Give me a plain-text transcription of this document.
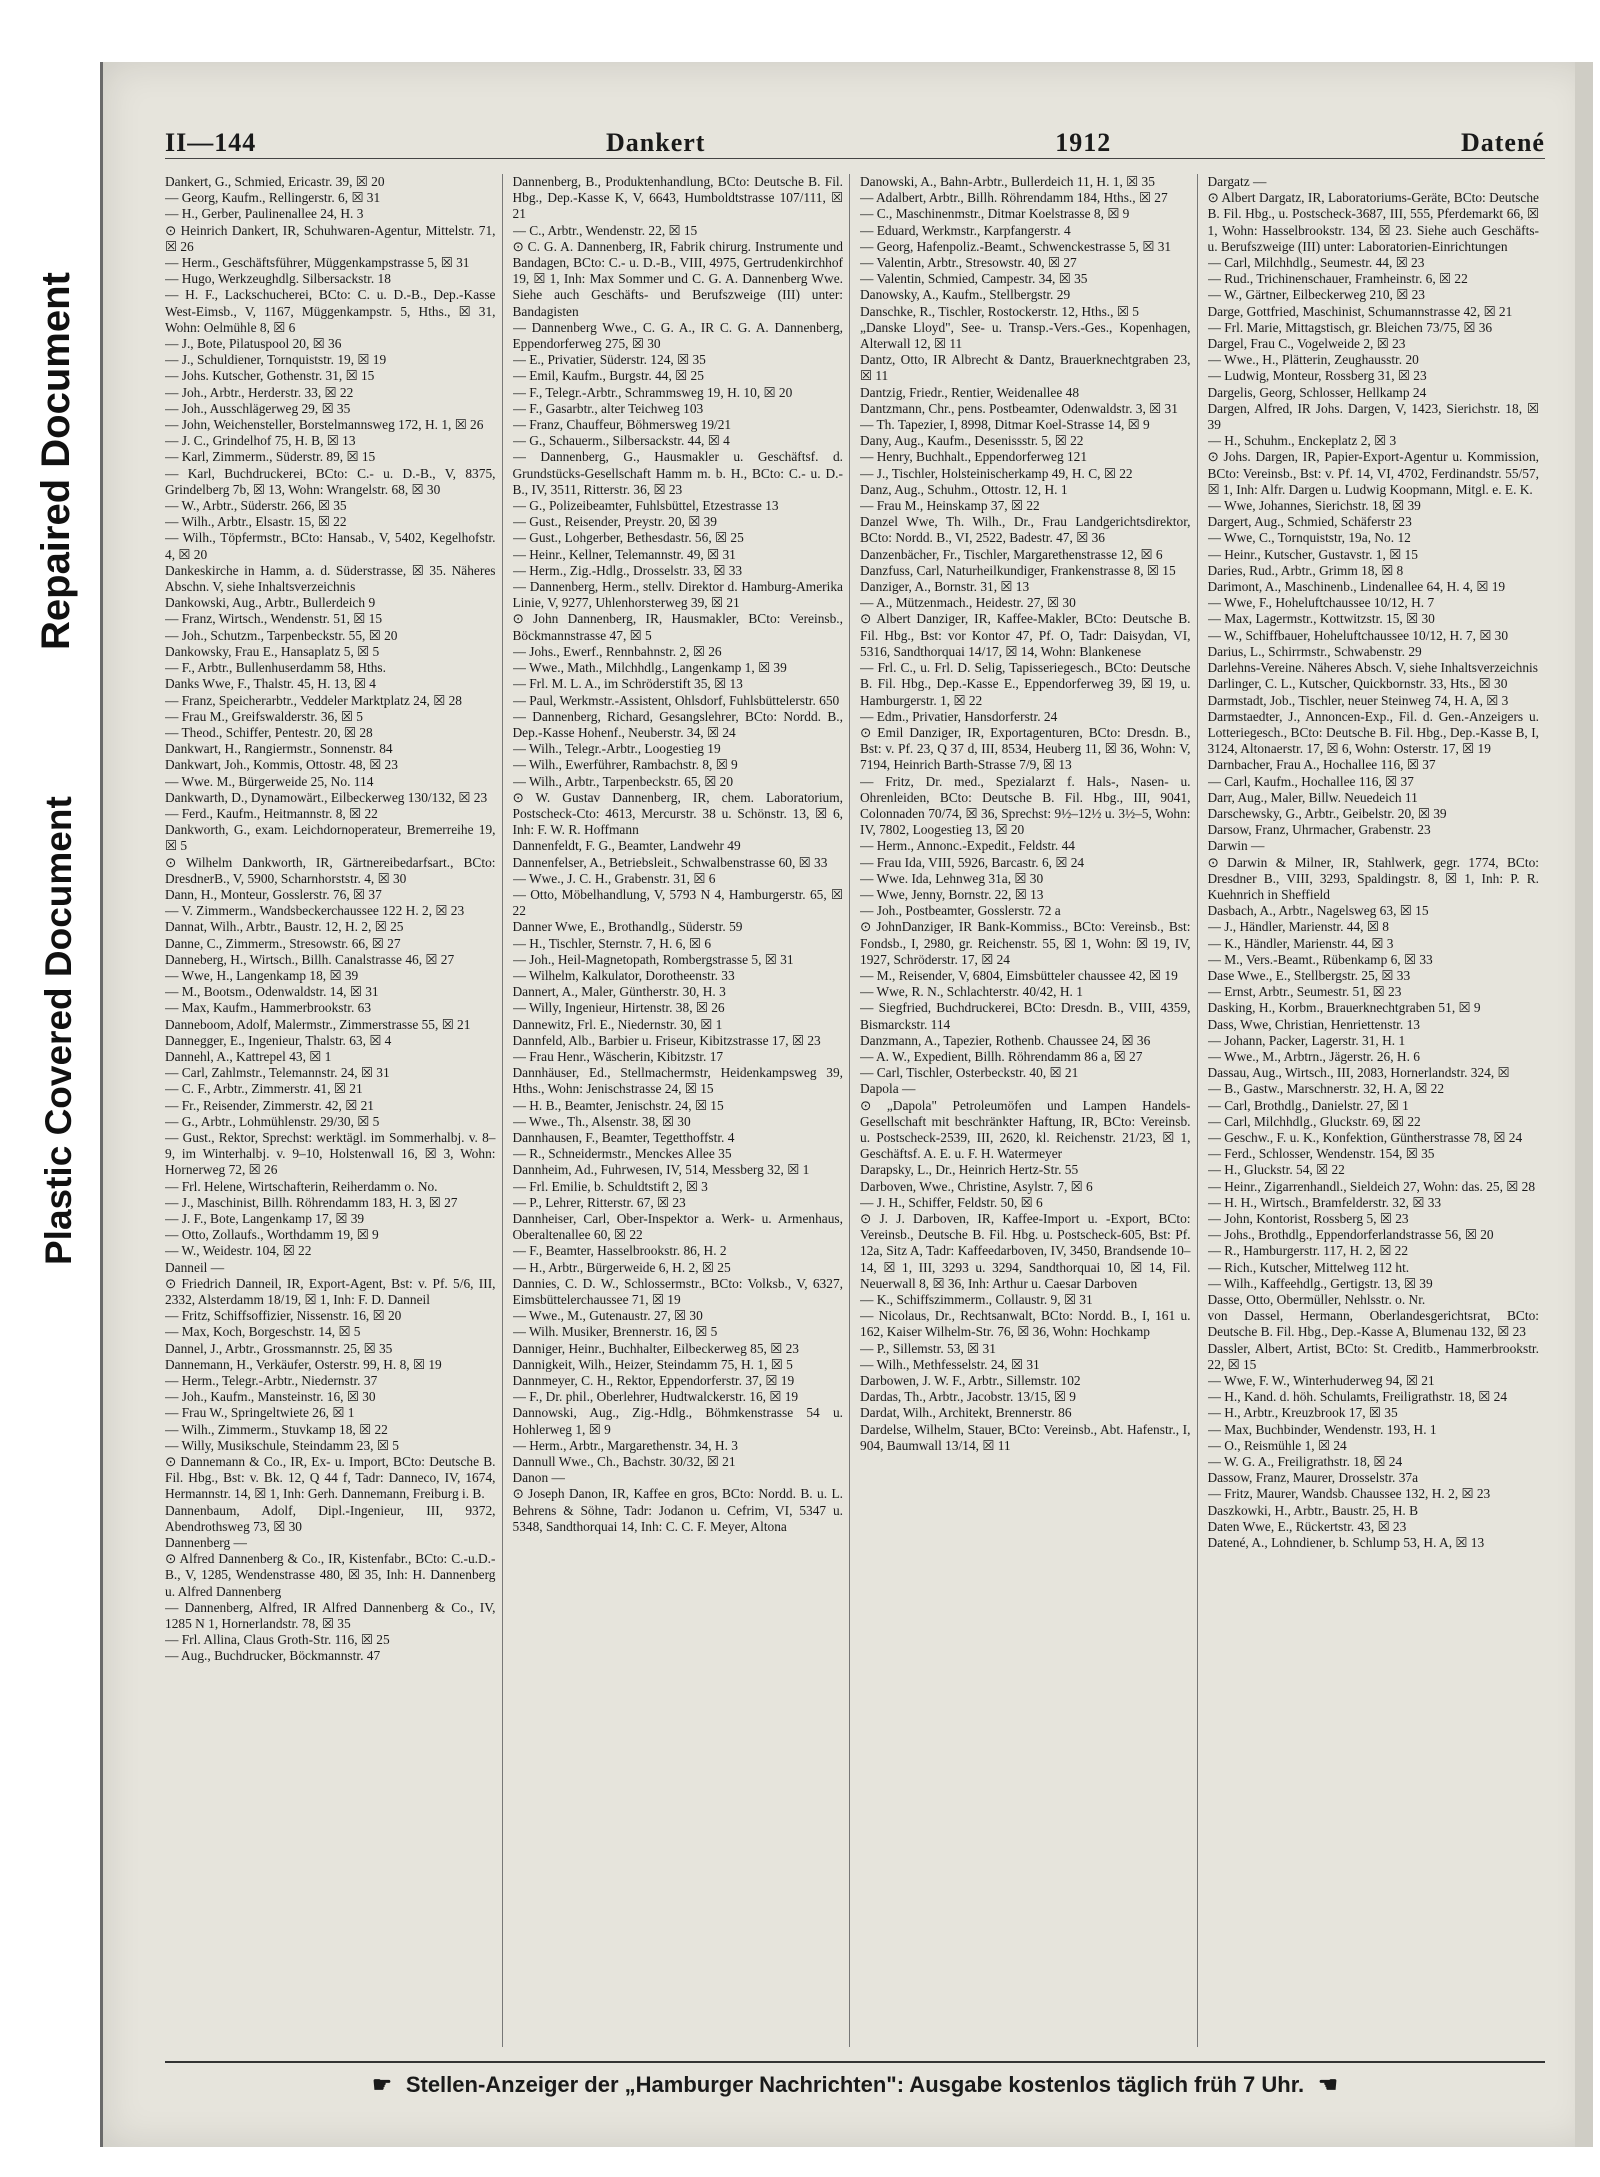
Repaired Document
Plastic Covered Document
II—144	Dankert	1912	Datené

Dankert, G., Schmied, Ericastr. 39, ☒ 20

— Georg, Kaufm., Rellingerstr. 6, ☒ 31

— H., Gerber, Paulinenallee 24, H. 3

⊙ Heinrich Dankert, IR, Schuhwaren-Agentur, Mittelstr. 71, ☒ 26

— Herm., Geschäftsführer, Müggenkampstrasse 5, ☒ 31

— Hugo, Werkzeughdlg. Silbersackstr. 18

— H. F., Lackschucherei, BCto: C. u. D.-B., Dep.-Kasse West-Eimsb., V, 1167, Müggenkampstr. 5, Hths., ☒ 31, Wohn: Oelmühle 8, ☒ 6

— J., Bote, Pilatuspool 20, ☒ 36

— J., Schuldiener, Tornquiststr. 19, ☒ 19

— Johs. Kutscher, Gothenstr. 31, ☒ 15

— Joh., Arbtr., Herderstr. 33, ☒ 22

— Joh., Ausschlägerweg 29, ☒ 35

— John, Weichensteller, Borstelmannsweg 172, H. 1, ☒ 26

— J. C., Grindelhof 75, H. B, ☒ 13

— Karl, Zimmerm., Süderstr. 89, ☒ 15

— Karl, Buchdruckerei, BCto: C.- u. D.-B., V, 8375, Grindelberg 7b, ☒ 13, Wohn: Wrangelstr. 68, ☒ 30

— W., Arbtr., Süderstr. 266, ☒ 35

— Wilh., Arbtr., Elsastr. 15, ☒ 22

— Wilh., Töpfermstr., BCto: Hansab., V, 5402, Kegelhofstr. 4, ☒ 20

Dankeskirche in Hamm, a. d. Süderstrasse, ☒ 35. Näheres Abschn. V, siehe Inhaltsverzeichnis

Dankowski, Aug., Arbtr., Bullerdeich 9

— Franz, Wirtsch., Wendenstr. 51, ☒ 15

— Joh., Schutzm., Tarpenbeckstr. 55, ☒ 20

Dankowsky, Frau E., Hansaplatz 5, ☒ 5

— F., Arbtr., Bullenhuserdamm 58, Hths.

Danks Wwe, F., Thalstr. 45, H. 13, ☒ 4

— Franz, Speicherarbtr., Veddeler Marktplatz 24, ☒ 28

— Frau M., Greifswalderstr. 36, ☒ 5

— Theod., Schiffer, Pentestr. 20, ☒ 28

Dankwart, H., Rangiermstr., Sonnenstr. 84

Dankwart, Joh., Kommis, Ottostr. 48, ☒ 23

— Wwe. M., Bürgerweide 25, No. 114

Dankwarth, D., Dynamowärt., Eilbeckerweg 130/132, ☒ 23

— Ferd., Kaufm., Heitmannstr. 8, ☒ 22

Dankworth, G., exam. Leichdornoperateur, Bremerreihe 19, ☒ 5

⊙ Wilhelm Dankworth, IR, Gärtnereibedarfsart., BCto: DresdnerB., V, 5900, Scharnhorststr. 4, ☒ 30

Dann, H., Monteur, Gosslerstr. 76, ☒ 37

— V. Zimmerm., Wandsbeckerchaussee 122 H. 2, ☒ 23

Dannat, Wilh., Arbtr., Baustr. 12, H. 2, ☒ 25

Danne, C., Zimmerm., Stresowstr. 66, ☒ 27

Danneberg, H., Wirtsch., Billh. Canalstrasse 46, ☒ 27

— Wwe, H., Langenkamp 18, ☒ 39

— M., Bootsm., Odenwaldstr. 14, ☒ 31

— Max, Kaufm., Hammerbrookstr. 63

Danneboom, Adolf, Malermstr., Zimmerstrasse 55, ☒ 21

Dannegger, E., Ingenieur, Thalstr. 63, ☒ 4

Dannehl, A., Kattrepel 43, ☒ 1

— Carl, Zahlmstr., Telemannstr. 24, ☒ 31

— C. F., Arbtr., Zimmerstr. 41, ☒ 21

— Fr., Reisender, Zimmerstr. 42, ☒ 21

— G., Arbtr., Lohmühlenstr. 29/30, ☒ 5

— Gust., Rektor, Sprechst: werktägl. im Sommerhalbj. v. 8–9, im Winterhalbj. v. 9–10, Holstenwall 16, ☒ 3, Wohn: Hornerweg 72, ☒ 26

— Frl. Helene, Wirtschafterin, Reiherdamm o. No.

— J., Maschinist, Billh. Röhrendamm 183, H. 3, ☒ 27

— J. F., Bote, Langenkamp 17, ☒ 39

— Otto, Zollaufs., Worthdamm 19, ☒ 9

— W., Weidestr. 104, ☒ 22

Danneil —

⊙ Friedrich Danneil, IR, Export-Agent, Bst: v. Pf. 5/6, III, 2332, Alsterdamm 18/19, ☒ 1, Inh: F. D. Danneil

— Fritz, Schiffsoffizier, Nissenstr. 16, ☒ 20

— Max, Koch, Borgeschstr. 14, ☒ 5

Dannel, J., Arbtr., Grossmannstr. 25, ☒ 35

Dannemann, H., Verkäufer, Osterstr. 99, H. 8, ☒ 19

— Herm., Telegr.-Arbtr., Niedernstr. 37

— Joh., Kaufm., Mansteinstr. 16, ☒ 30

— Frau W., Springeltwiete 26, ☒ 1

— Wilh., Zimmerm., Stuvkamp 18, ☒ 22

— Willy, Musikschule, Steindamm 23, ☒ 5

⊙ Dannemann & Co., IR, Ex- u. Import, BCto: Deutsche B. Fil. Hbg., Bst: v. Bk. 12, Q 44 f, Tadr: Danneco, IV, 1674, Hermannstr. 14, ☒ 1, Inh: Gerh. Dannemann, Freiburg i. B.

Dannenbaum, Adolf, Dipl.-Ingenieur, III, 9372, Abendrothsweg 73, ☒ 30

Dannenberg —

⊙ Alfred Dannenberg & Co., IR, Kistenfabr., BCto: C.-u.D.-B., V, 1285, Wendenstrasse 480, ☒ 35, Inh: H. Dannenberg u. Alfred Dannenberg

— Dannenberg, Alfred, IR Alfred Dannenberg & Co., IV, 1285 N 1, Hornerlandstr. 78, ☒ 35

— Frl. Allina, Claus Groth-Str. 116, ☒ 25

— Aug., Buchdrucker, Böckmannstr. 47

Dannenberg, B., Produktenhandlung, BCto: Deutsche B. Fil. Hbg., Dep.-Kasse K, V, 6643, Humboldtstrasse 107/111, ☒ 21

— C., Arbtr., Wendenstr. 22, ☒ 15

⊙ C. G. A. Dannenberg, IR, Fabrik chirurg. Instrumente und Bandagen, BCto: C.- u. D.-B., VIII, 4975, Gertrudenkirchhof 19, ☒ 1, Inh: Max Sommer und C. G. A. Dannenberg Wwe. Siehe auch Geschäfts- und Berufszweige (III) unter: Bandagisten

— Dannenberg Wwe., C. G. A., IR C. G. A. Dannenberg, Eppendorferweg 275, ☒ 30

— E., Privatier, Süderstr. 124, ☒ 35

— Emil, Kaufm., Burgstr. 44, ☒ 25

— F., Telegr.-Arbtr., Schrammsweg 19, H. 10, ☒ 20

— F., Gasarbtr., alter Teichweg 103

— Franz, Chauffeur, Böhmersweg 19/21

— G., Schauerm., Silbersackstr. 44, ☒ 4

— Dannenberg, G., Hausmakler u. Geschäftsf. d. Grundstücks-Gesellschaft Hamm m. b. H., BCto: C.- u. D.-B., IV, 3511, Ritterstr. 36, ☒ 23

— G., Polizeibeamter, Fuhlsbüttel, Etzestrasse 13

— Gust., Reisender, Preystr. 20, ☒ 39

— Gust., Lohgerber, Bethesdastr. 56, ☒ 25

— Heinr., Kellner, Telemannstr. 49, ☒ 31

— Herm., Zig.-Hdlg., Drosselstr. 33, ☒ 33

— Dannenberg, Herm., stellv. Direktor d. Hamburg-Amerika Linie, V, 9277, Uhlenhorsterweg 39, ☒ 21

⊙ John Dannenberg, IR, Hausmakler, BCto: Vereinsb., Böckmannstrasse 47, ☒ 5

— Johs., Ewerf., Rennbahnstr. 2, ☒ 26

— Wwe., Math., Milchhdlg., Langenkamp 1, ☒ 39

— Frl. M. L. A., im Schröderstift 35, ☒ 13

— Paul, Werkmstr.-Assistent, Ohlsdorf, Fuhlsbüttelerstr. 650

— Dannenberg, Richard, Gesangslehrer, BCto: Nordd. B., Dep.-Kasse Hohenf., Neuberstr. 34, ☒ 24

— Wilh., Telegr.-Arbtr., Loogestieg 19

— Wilh., Ewerführer, Rambachstr. 8, ☒ 9

— Wilh., Arbtr., Tarpenbeckstr. 65, ☒ 20

⊙ W. Gustav Dannenberg, IR, chem. Laboratorium, Postscheck-Cto: 4613, Mercurstr. 38 u. Schönstr. 13, ☒ 6, Inh: F. W. R. Hoffmann

Dannenfeldt, F. G., Beamter, Landwehr 49

Dannenfelser, A., Betriebsleit., Schwalbenstrasse 60, ☒ 33

— Wwe., J. C. H., Grabenstr. 31, ☒ 6

— Otto, Möbelhandlung, V, 5793 N 4, Hamburgerstr. 65, ☒ 22

Danner Wwe, E., Brothandlg., Süderstr. 59

— H., Tischler, Sternstr. 7, H. 6, ☒ 6

— Joh., Heil-Magnetopath, Rombergstrasse 5, ☒ 31

— Wilhelm, Kalkulator, Dorotheenstr. 33

Dannert, A., Maler, Güntherstr. 30, H. 3

— Willy, Ingenieur, Hirtenstr. 38, ☒ 26

Dannewitz, Frl. E., Niedernstr. 30, ☒ 1

Dannfeld, Alb., Barbier u. Friseur, Kibitzstrasse 17, ☒ 23

— Frau Henr., Wäscherin, Kibitzstr. 17

Dannhäuser, Ed., Stellmachermstr, Heidenkampsweg 39, Hths., Wohn: Jenischstrasse 24, ☒ 15

— H. B., Beamter, Jenischstr. 24, ☒ 15

— Wwe., Th., Alsenstr. 38, ☒ 30

Dannhausen, F., Beamter, Tegetthoffstr. 4

— R., Schneidermstr., Menckes Allee 35

Dannheim, Ad., Fuhrwesen, IV, 514, Messberg 32, ☒ 1

— Frl. Emilie, b. Schuldtstift 2, ☒ 3

— P., Lehrer, Ritterstr. 67, ☒ 23

Dannheiser, Carl, Ober-Inspektor a. Werk- u. Armenhaus, Oberaltenallee 60, ☒ 22

— F., Beamter, Hasselbrookstr. 86, H. 2

— H., Arbtr., Bürgerweide 6, H. 2, ☒ 25

Dannies, C. D. W., Schlossermstr., BCto: Volksb., V, 6327, Eimsbüttelerchaussee 71, ☒ 19

— Wwe., M., Gutenaustr. 27, ☒ 30

— Wilh. Musiker, Brennerstr. 16, ☒ 5

Danniger, Heinr., Buchhalter, Eilbeckerweg 85, ☒ 23

Dannigkeit, Wilh., Heizer, Steindamm 75, H. 1, ☒ 5

Dannmeyer, C. H., Rektor, Eppendorferstr. 37, ☒ 19

— F., Dr. phil., Oberlehrer, Hudtwalckerstr. 16, ☒ 19

Dannowski, Aug., Zig.-Hdlg., Böhmkenstrasse 54 u. Hohlerweg 1, ☒ 9

— Herm., Arbtr., Margarethenstr. 34, H. 3

Dannull Wwe., Ch., Bachstr. 30/32, ☒ 21

Danon —

⊙ Joseph Danon, IR, Kaffee en gros, BCto: Nordd. B. u. L. Behrens & Söhne, Tadr: Jodanon u. Cefrim, VI, 5347 u. 5348, Sandthorquai 14, Inh: C. C. F. Meyer, Altona

Danowski, A., Bahn-Arbtr., Bullerdeich 11, H. 1, ☒ 35

— Adalbert, Arbtr., Billh. Röhrendamm 184, Hths., ☒ 27

— C., Maschinenmstr., Ditmar Koelstrasse 8, ☒ 9

— Eduard, Werkmstr., Karpfangerstr. 4

— Georg, Hafenpoliz.-Beamt., Schwenckestrasse 5, ☒ 31

— Valentin, Arbtr., Stresowstr. 40, ☒ 27

— Valentin, Schmied, Campestr. 34, ☒ 35

Danowsky, A., Kaufm., Stellbergstr. 29

Danschke, R., Tischler, Rostockerstr. 12, Hths., ☒ 5

„Danske Lloyd", See- u. Transp.-Vers.-Ges., Kopenhagen, Alterwall 12, ☒ 11

Dantz, Otto, IR Albrecht & Dantz, Brauerknechtgraben 23, ☒ 11

Dantzig, Friedr., Rentier, Weidenallee 48

Dantzmann, Chr., pens. Postbeamter, Odenwaldstr. 3, ☒ 31

— Th. Tapezier, I, 8998, Ditmar Koel-Strasse 14, ☒ 9

Dany, Aug., Kaufm., Desenissstr. 5, ☒ 22

— Henry, Buchhalt., Eppendorferweg 121

— J., Tischler, Holsteinischerkamp 49, H. C, ☒ 22

Danz, Aug., Schuhm., Ottostr. 12, H. 1

— Frau M., Heinskamp 37, ☒ 22

Danzel Wwe, Th. Wilh., Dr., Frau Landgerichtsdirektor, BCto: Nordd. B., VI, 2522, Badestr. 47, ☒ 36

Danzenbächer, Fr., Tischler, Margarethenstrasse 12, ☒ 6

Danzfuss, Carl, Naturheilkundiger, Frankenstrasse 8, ☒ 15

Danziger, A., Bornstr. 31, ☒ 13

— A., Mützenmach., Heidestr. 27, ☒ 30

⊙ Albert Danziger, IR, Kaffee-Makler, BCto: Deutsche B. Fil. Hbg., Bst: vor Kontor 47, Pf. O, Tadr: Daisydan, VI, 5316, Sandthorquai 14/17, ☒ 14, Wohn: Blankenese

— Frl. C., u. Frl. D. Selig, Tapisseriegesch., BCto: Deutsche B. Fil. Hbg., Dep.-Kasse E., Eppendorferweg 39, ☒ 19, u. Hamburgerstr. 1, ☒ 22

— Edm., Privatier, Hansdorferstr. 24

⊙ Emil Danziger, IR, Exportagenturen, BCto: Dresdn. B., Bst: v. Pf. 23, Q 37 d, III, 8534, Heuberg 11, ☒ 36, Wohn: V, 7194, Heinrich Barth-Strasse 7/9, ☒ 13

— Fritz, Dr. med., Spezialarzt f. Hals-, Nasen- u. Ohrenleiden, BCto: Deutsche B. Fil. Hbg., III, 9041, Colonnaden 70/74, ☒ 36, Sprechst: 9½–12½ u. 3½–5, Wohn: IV, 7802, Loogestieg 13, ☒ 20

— Herm., Annonc.-Expedit., Feldstr. 44

— Frau Ida, VIII, 5926, Barcastr. 6, ☒ 24

— Wwe. Ida, Lehnweg 31a, ☒ 30

— Wwe, Jenny, Bornstr. 22, ☒ 13

— Joh., Postbeamter, Gosslerstr. 72 a

⊙ JohnDanziger, IR Bank-Kommiss., BCto: Vereinsb., Bst: Fondsb., I, 2980, gr. Reichenstr. 55, ☒ 1, Wohn: ☒ 19, IV, 1927, Schröderstr. 17, ☒ 24

— M., Reisender, V, 6804, Eimsbütteler chaussee 42, ☒ 19

— Wwe, R. N., Schlachterstr. 40/42, H. 1

— Siegfried, Buchdruckerei, BCto: Dresdn. B., VIII, 4359, Bismarckstr. 114

Danzmann, A., Tapezier, Rothenb. Chaussee 24, ☒ 36

— A. W., Expedient, Billh. Röhrendamm 86 a, ☒ 27

— Carl, Tischler, Osterbeckstr. 40, ☒ 21

Dapola —

⊙ „Dapola" Petroleumöfen und Lampen Handels-Gesellschaft mit beschränkter Haftung, IR, BCto: Vereinsb. u. Postscheck-2539, III, 2620, kl. Reichenstr. 21/23, ☒ 1, Geschäftsf. A. E. u. F. H. Watermeyer

Darapsky, L., Dr., Heinrich Hertz-Str. 55

Darboven, Wwe., Christine, Asylstr. 7, ☒ 6

— J. H., Schiffer, Feldstr. 50, ☒ 6

⊙ J. J. Darboven, IR, Kaffee-Import u. -Export, BCto: Vereinsb., Deutsche B. Fil. Hbg. u. Postscheck-605, Bst: Pf. 12a, Sitz A, Tadr: Kaffeedarboven, IV, 3450, Brandsende 10–14, ☒ 1, III, 3293 u. 3294, Sandthorquai 10, ☒ 14, Fil. Neuerwall 8, ☒ 36, Inh: Arthur u. Caesar Darboven

— K., Schiffszimmerm., Collaustr. 9, ☒ 31

— Nicolaus, Dr., Rechtsanwalt, BCto: Nordd. B., I, 161 u. 162, Kaiser Wilhelm-Str. 76, ☒ 36, Wohn: Hochkamp

— P., Sillemstr. 53, ☒ 31

— Wilh., Methfesselstr. 24, ☒ 31

Darbowen, J. W. F., Arbtr., Sillemstr. 102

Dardas, Th., Arbtr., Jacobstr. 13/15, ☒ 9

Dardat, Wilh., Architekt, Brennerstr. 86

Dardelse, Wilhelm, Stauer, BCto: Vereinsb., Abt. Hafenstr., I, 904, Baumwall 13/14, ☒ 11

Dargatz —

⊙ Albert Dargatz, IR, Laboratoriums-Geräte, BCto: Deutsche B. Fil. Hbg., u. Postscheck-3687, III, 555, Pferdemarkt 66, ☒ 1, Wohn: Hasselbrookstr. 134, ☒ 23. Siehe auch Geschäfts- u. Berufszweige (III) unter: Laboratorien-Einrichtungen

— Carl, Milchhdlg., Seumestr. 44, ☒ 23

— Rud., Trichinenschauer, Framheinstr. 6, ☒ 22

— W., Gärtner, Eilbeckerweg 210, ☒ 23

Darge, Gottfried, Maschinist, Schumannstrasse 42, ☒ 21

— Frl. Marie, Mittagstisch, gr. Bleichen 73/75, ☒ 36

Dargel, Frau C., Vogelweide 2, ☒ 23

— Wwe., H., Plätterin, Zeughausstr. 20

— Ludwig, Monteur, Rossberg 31, ☒ 23

Dargelis, Georg, Schlosser, Hellkamp 24

Dargen, Alfred, IR Johs. Dargen, V, 1423, Sierichstr. 18, ☒ 39

— H., Schuhm., Enckeplatz 2, ☒ 3

⊙ Johs. Dargen, IR, Papier-Export-Agentur u. Kommission, BCto: Vereinsb., Bst: v. Pf. 14, VI, 4702, Ferdinandstr. 55/57, ☒ 1, Inh: Alfr. Dargen u. Ludwig Koopmann, Mitgl. e. E. K.

— Wwe, Johannes, Sierichstr. 18, ☒ 39

Dargert, Aug., Schmied, Schäferstr 23

— Wwe, C., Tornquiststr, 19a, No. 12

— Heinr., Kutscher, Gustavstr. 1, ☒ 15

Daries, Rud., Arbtr., Grimm 18, ☒ 8

Darimont, A., Maschinenb., Lindenallee 64, H. 4, ☒ 19

— Wwe, F., Hoheluftchaussee 10/12, H. 7

— Max, Lagermstr., Kottwitzstr. 15, ☒ 30

— W., Schiffbauer, Hoheluftchaussee 10/12, H. 7, ☒ 30

Darius, L., Schirrmstr., Schwabenstr. 29

Darlehns-Vereine. Näheres Absch. V, siehe Inhaltsverzeichnis

Darlinger, C. L., Kutscher, Quickbornstr. 33, Hts., ☒ 30

Darmstadt, Job., Tischler, neuer Steinweg 74, H. A, ☒ 3

Darmstaedter, J., Annoncen-Exp., Fil. d. Gen.-Anzeigers u. Lotteriegesch., BCto: Deutsche B. Fil. Hbg., Dep.-Kasse B, I, 3124, Altonaerstr. 17, ☒ 6, Wohn: Osterstr. 17, ☒ 19

Darnbacher, Frau A., Hochallee 116, ☒ 37

— Carl, Kaufm., Hochallee 116, ☒ 37

Darr, Aug., Maler, Billw. Neuedeich 11

Darschewsky, G., Arbtr., Geibelstr. 20, ☒ 39

Darsow, Franz, Uhrmacher, Grabenstr. 23

Darwin —

⊙ Darwin & Milner, IR, Stahlwerk, gegr. 1774, BCto: Dresdner B., VIII, 3293, Spaldingstr. 8, ☒ 1, Inh: P. R. Kuehnrich in Sheffield

Dasbach, A., Arbtr., Nagelsweg 63, ☒ 15

— J., Händler, Marienstr. 44, ☒ 8

— K., Händler, Marienstr. 44, ☒ 3

— M., Vers.-Beamt., Rübenkamp 6, ☒ 33

Dase Wwe., E., Stellbergstr. 25, ☒ 33

— Ernst, Arbtr., Seumestr. 51, ☒ 23

Dasking, H., Korbm., Brauerknechtgraben 51, ☒ 9

Dass, Wwe, Christian, Henriettenstr. 13

— Johann, Packer, Lagerstr. 31, H. 1

— Wwe., M., Arbtrn., Jägerstr. 26, H. 6

Dassau, Aug., Wirtsch., III, 2083, Hornerlandstr. 324, ☒

— B., Gastw., Marschnerstr. 32, H. A, ☒ 22

— Carl, Brothdlg., Danielstr. 27, ☒ 1

— Carl, Milchhdlg., Gluckstr. 69, ☒ 22

— Geschw., F. u. K., Konfektion, Güntherstrasse 78, ☒ 24

— Ferd., Schlosser, Wendenstr. 154, ☒ 35

— H., Gluckstr. 54, ☒ 22

— Heinr., Zigarrenhandl., Sieldeich 27, Wohn: das. 25, ☒ 28

— H. H., Wirtsch., Bramfelderstr. 32, ☒ 33

— John, Kontorist, Rossberg 5, ☒ 23

— Johs., Brothdlg., Eppendorferlandstrasse 56, ☒ 20

— R., Hamburgerstr. 117, H. 2, ☒ 22

— Rich., Kutscher, Mittelweg 112 ht.

— Wilh., Kaffeehdlg., Gertigstr. 13, ☒ 39

Dasse, Otto, Obermüller, Nehlsstr. o. Nr.

von Dassel, Hermann, Oberlandesgerichtsrat, BCto: Deutsche B. Fil. Hbg., Dep.-Kasse A, Blumenau 132, ☒ 23

Dassler, Albert, Artist, BCto: St. Creditb., Hammerbrookstr. 22, ☒ 15

— Wwe, F. W., Winterhuderweg 94, ☒ 21

— H., Kand. d. höh. Schulamts, Freiligrathstr. 18, ☒ 24

— H., Arbtr., Kreuzbrook 17, ☒ 35

— Max, Buchbinder, Wendenstr. 193, H. 1

— O., Reismühle 1, ☒ 24

— W. G. A., Freiligrathstr. 18, ☒ 24

Dassow, Franz, Maurer, Drosselstr. 37a

— Fritz, Maurer, Wandsb. Chaussee 132, H. 2, ☒ 23

Daszkowki, H., Arbtr., Baustr. 25, H. B

Daten Wwe, E., Rückertstr. 43, ☒ 23

Datené, A., Lohndiener, b. Schlump 53, H. A, ☒ 13

☛ Stellen-Anzeiger der „Hamburger Nachrichten": Ausgabe kostenlos täglich früh 7 Uhr. ☚
